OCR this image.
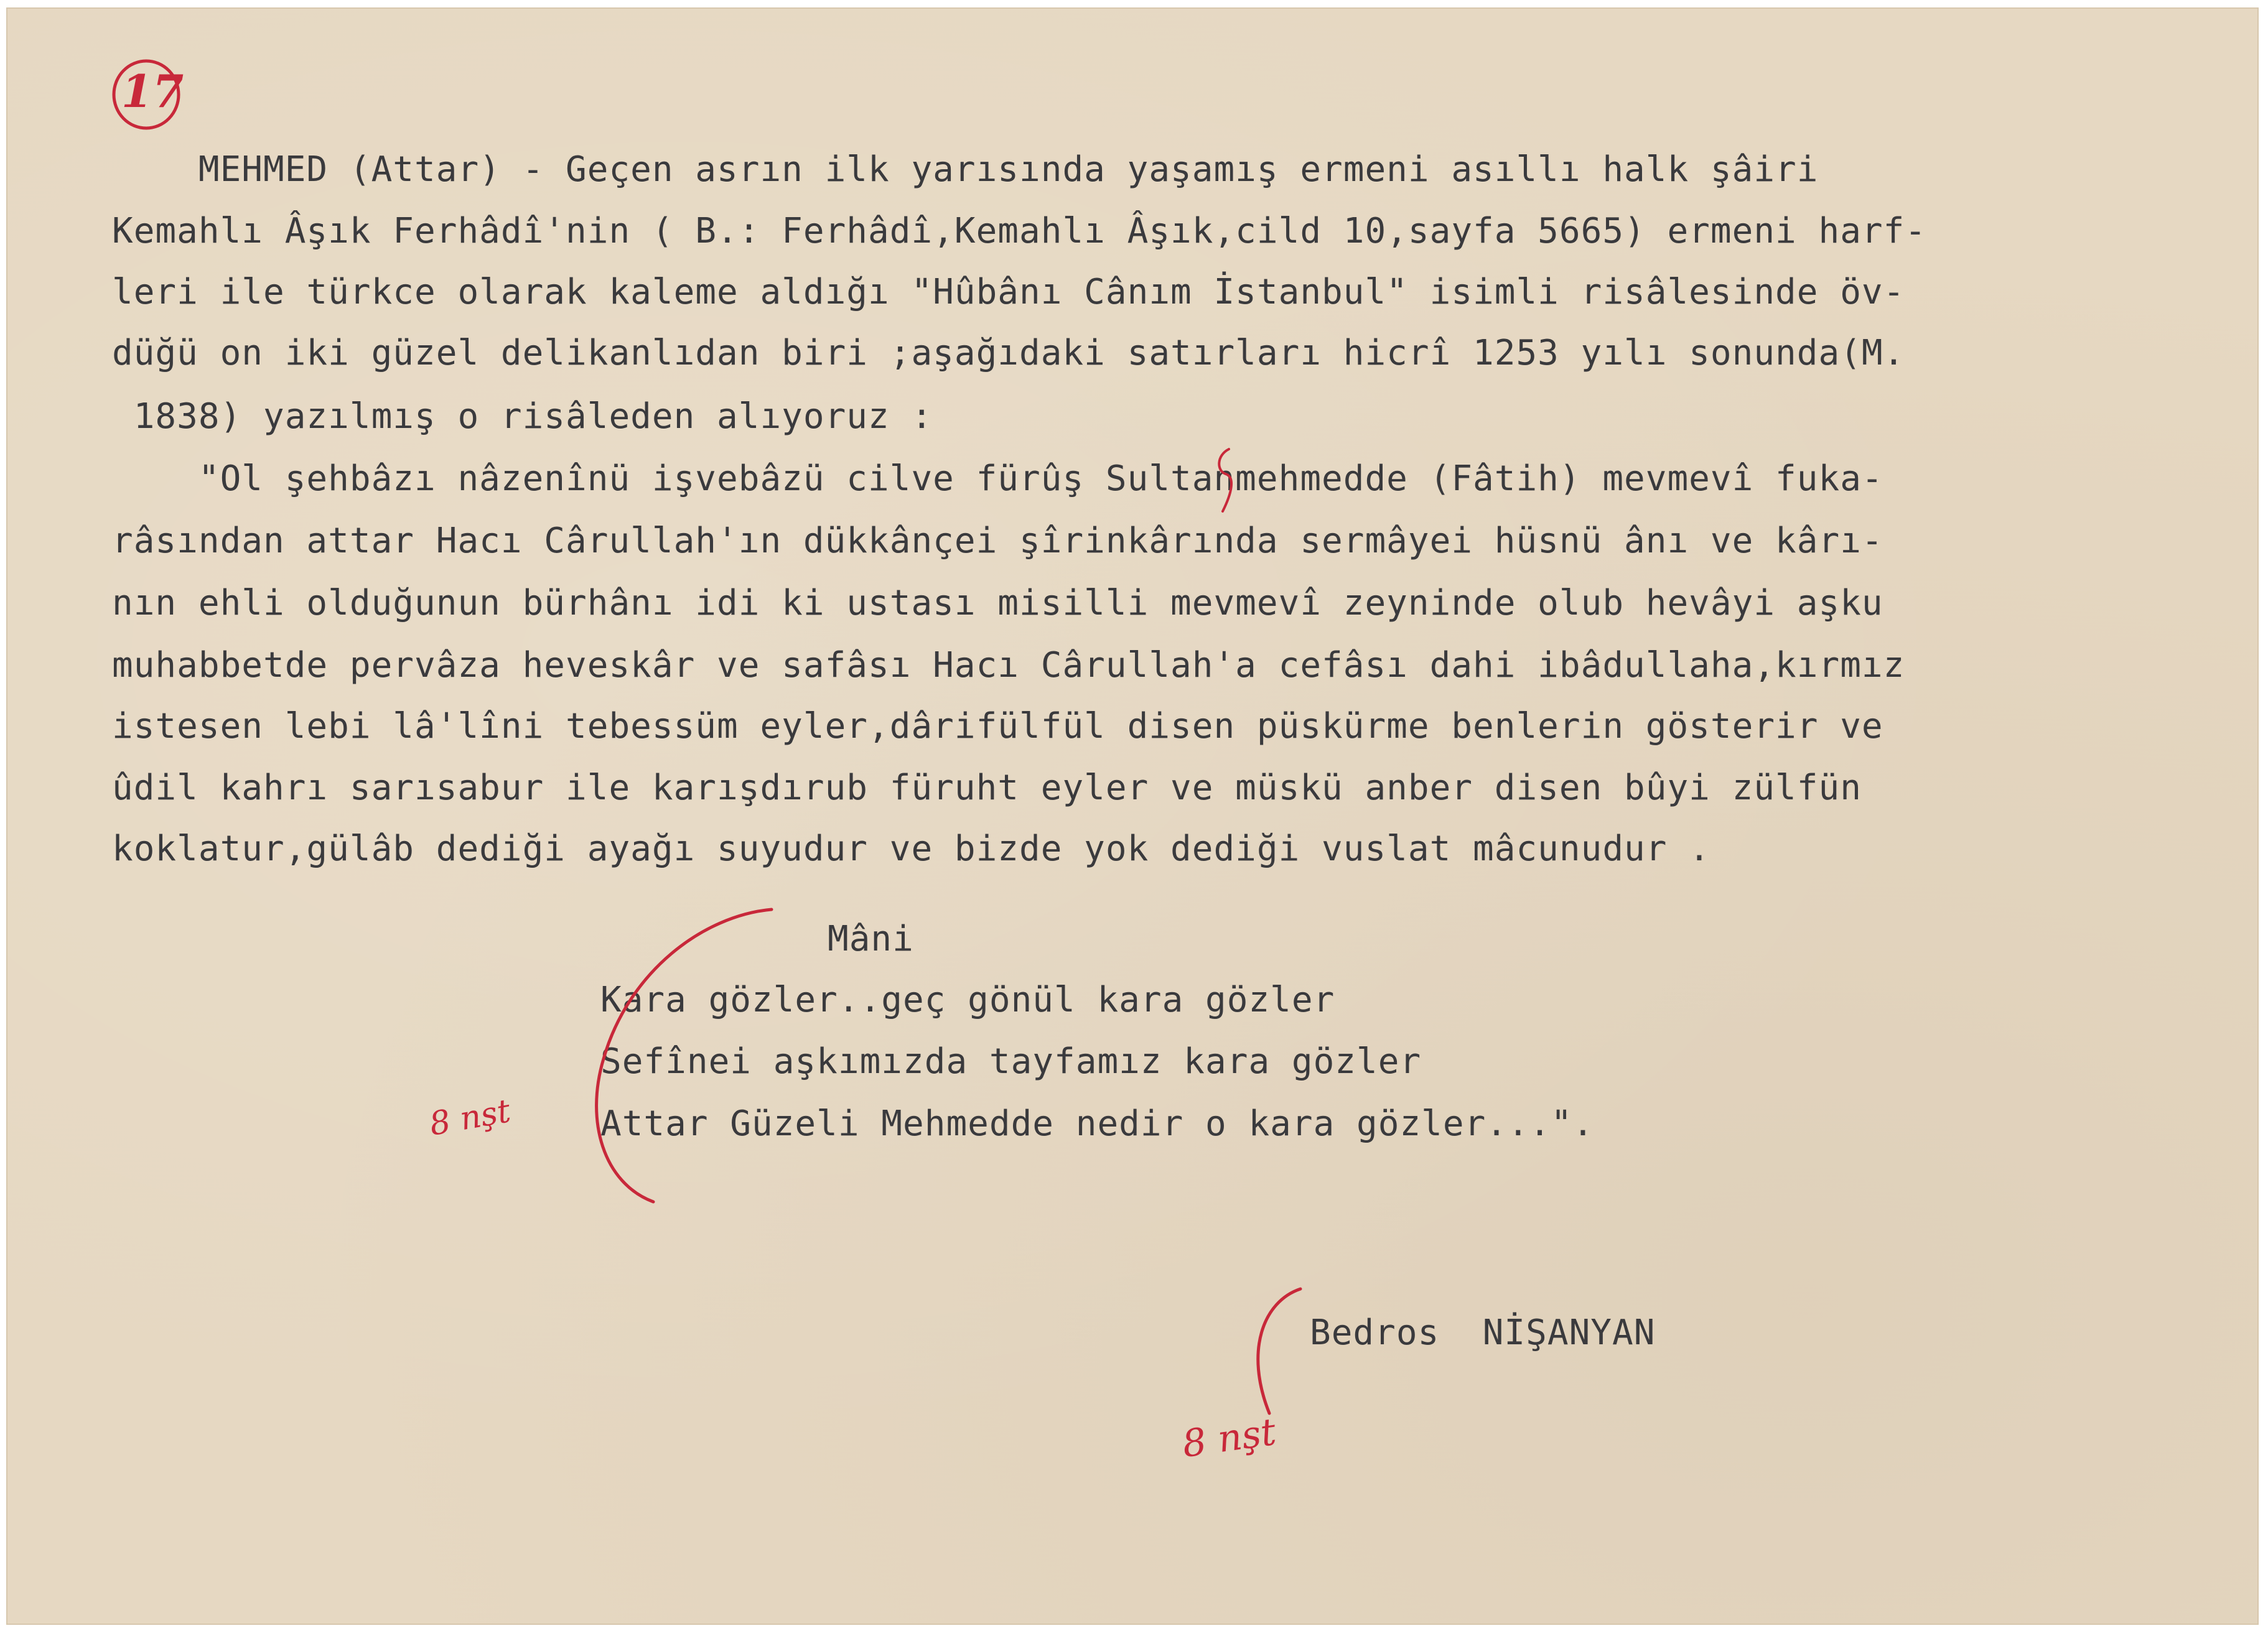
17
MEHMED (Attar) - Geçen asrın ilk yarısında yaşamış ermeni asıllı halk şâiri
Kemahlı Âşık Ferhâdî'nin ( B.: Ferhâdî,Kemahlı Âşık,cild 10,sayfa 5665) ermeni harf-
leri ile türkce olarak kaleme aldığı "Hûbânı Cânım İstanbul" isimli risâlesinde öv-
düğü on iki güzel delikanlıdan biri ;aşağıdaki satırları hicrî 1253 yılı sonunda(M.
1838) yazılmış o risâleden alıyoruz :
"Ol şehbâzı nâzenînü işvebâzü cilve fürûş Sultanmehmedde (Fâtih) mevmevî fuka-
râsından attar Hacı Cârullah'ın dükkânçei şîrinkârında sermâyei hüsnü ânı ve kârı-
nın ehli olduğunun bürhânı idi ki ustası misilli mevmevî zeyninde olub hevâyi aşku
muhabbetde pervâza heveskâr ve safâsı Hacı Cârullah'a cefâsı dahi ibâdullaha,kırmız
istesen lebi lâ'lîni tebessüm eyler,dârifülfül disen püskürme benlerin gösterir ve
ûdil kahrı sarısabur ile karışdırub füruht eyler ve müskü anber disen bûyi zülfün
koklatur,gülâb dediği ayağı suyudur ve bizde yok dediği vuslat mâcunudur .
Mâni
Kara gözler..geç gönül kara gözler
Sefînei aşkımızda tayfamız kara gözler
Attar Güzeli Mehmedde nedir o kara gözler...".
8 nşt
Bedros  NİŞANYAN
8 nşt
